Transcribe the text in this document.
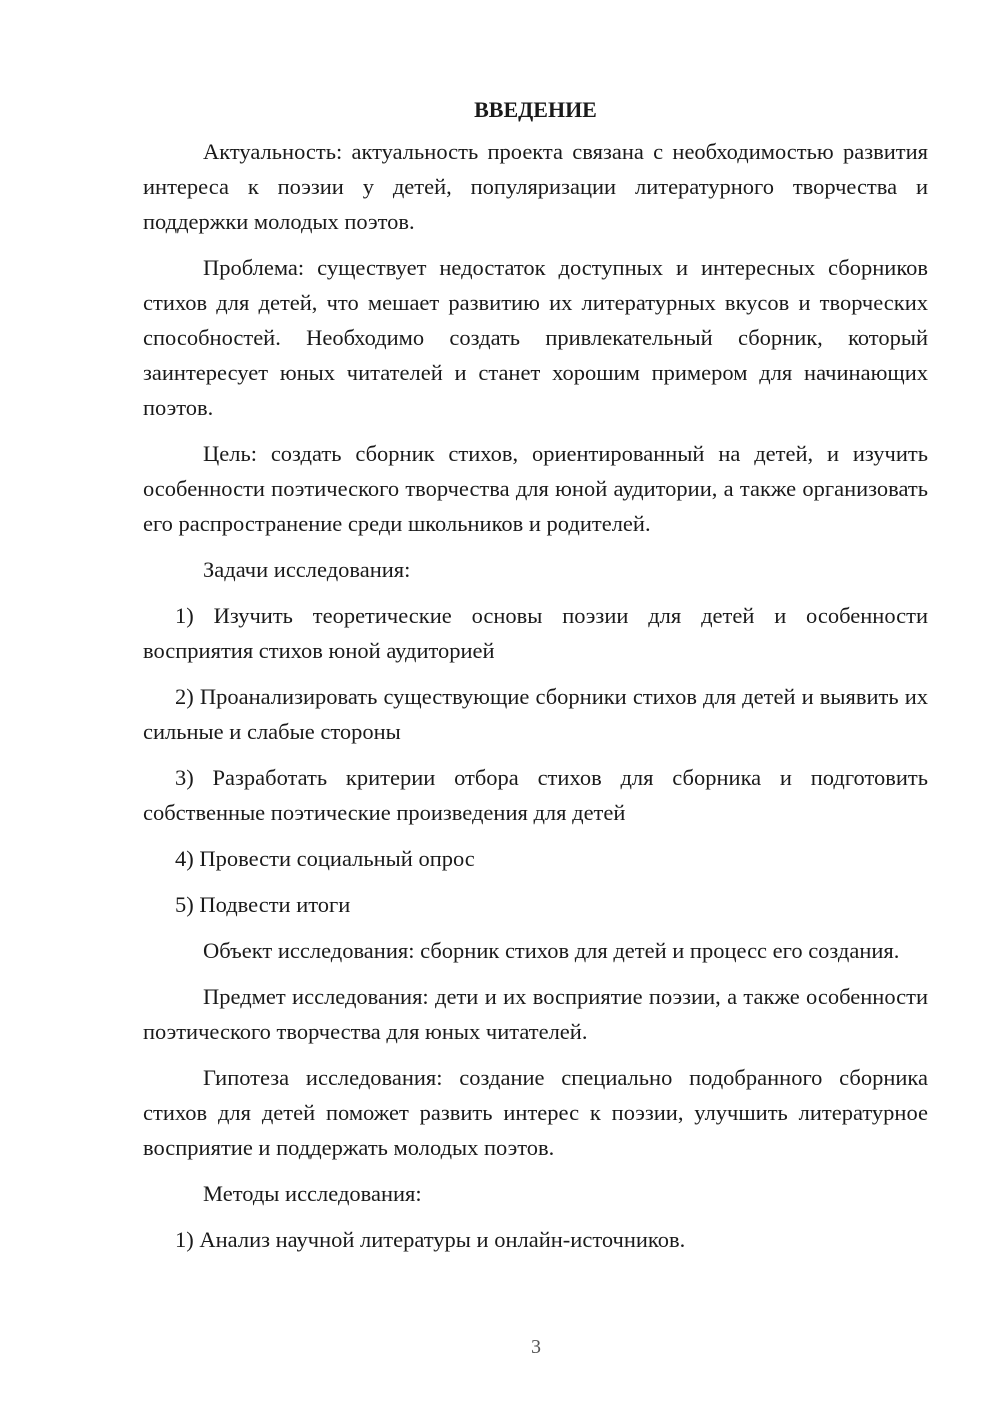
ВВЕДЕНИЕ
Актуальность: актуальность проекта связана с необходимостью развития интереса к поэзии у детей, популяризации литературного творчества и поддержки молодых поэтов.
Проблема: существует недостаток доступных и интересных сборников стихов для детей, что мешает развитию их литературных вкусов и творческих способностей. Необходимо создать привлекательный сборник, который заинтересует юных читателей и станет хорошим примером для начинающих поэтов.
Цель: создать сборник стихов, ориентированный на детей, и изучить особенности поэтического творчества для юной аудитории, а также организовать его распространение среди школьников и родителей.
Задачи исследования:
1) Изучить теоретические основы поэзии для детей и особенности восприятия стихов юной аудиторией
2) Проанализировать существующие сборники стихов для детей и выявить их сильные и слабые стороны
3) Разработать критерии отбора стихов для сборника и подготовить собственные поэтические произведения для детей
4) Провести социальный опрос
5) Подвести итоги
Объект исследования: сборник стихов для детей и процесс его создания.
Предмет исследования: дети и их восприятие поэзии, а также особенности поэтического творчества для юных читателей.
Гипотеза исследования: создание специально подобранного сборника стихов для детей поможет развить интерес к поэзии, улучшить литературное восприятие и поддержать молодых поэтов.
Методы исследования:
1) Анализ научной литературы и онлайн-источников.
3
